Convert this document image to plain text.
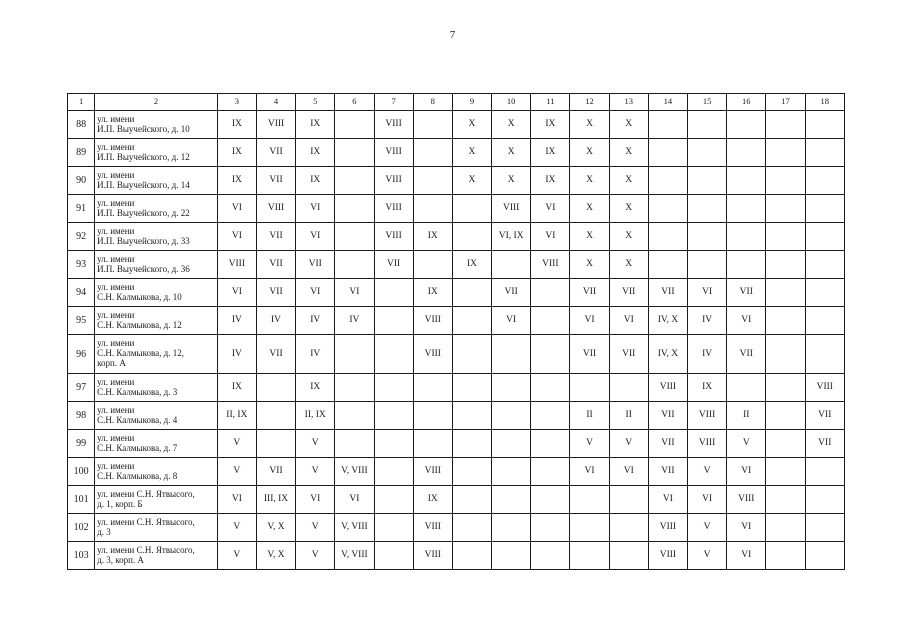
7
1	2	3	4	5	6	7	8	9	10	11	12	13	14	15	16	17	18
88	ул. имени
И.П. Выучейского, д. 10	IX	VIII	IX		VIII		X	X	IX	X	X					
89	ул. имени
И.П. Выучейского, д. 12	IX	VII	IX		VIII		X	X	IX	X	X					
90	ул. имени
И.П. Выучейского, д. 14	IX	VII	IX		VIII		X	X	IX	X	X					
91	ул. имени
И.П. Выучейского, д. 22	VI	VIII	VI		VIII			VIII	VI	X	X					
92	ул. имени
И.П. Выучейского, д. 33	VI	VII	VI		VIII	IX		VI, IX	VI	X	X					
93	ул. имени
И.П. Выучейского, д. 36	VIII	VII	VII		VII		IX		VIII	X	X					
94	ул. имени
С.Н. Калмыкова, д. 10	VI	VII	VI	VI		IX		VII		VII	VII	VII	VI	VII		
95	ул. имени
С.Н. Калмыкова, д. 12	IV	IV	IV	IV		VIII		VI		VI	VI	IV, X	IV	VI		
96	ул. имени
С.Н. Калмыкова, д. 12,
корп. А	IV	VII	IV			VIII				VII	VII	IV, X	IV	VII		
97	ул. имени
С.Н. Калмыкова, д. 3	IX		IX									VIII	IX			VIII
98	ул. имени
С.Н. Калмыкова, д. 4	II, IX		II, IX							II	II	VII	VIII	II		VII
99	ул. имени
С.Н. Калмыкова, д. 7	V		V							V	V	VII	VIII	V		VII
100	ул. имени
С.Н. Калмыкова, д. 8	V	VII	V	V, VIII		VIII				VI	VI	VII	V	VI		
101	ул. имени С.Н. Ятвысого,
д. 1, корп. Б	VI	III, IX	VI	VI		IX						VI	VI	VIII		
102	ул. имени С.Н. Ятвысого,
д. 3	V	V, X	V	V, VIII		VIII						VIII	V	VI		
103	ул. имени С.Н. Ятвысого,
д. 3, корп. А	V	V, X	V	V, VIII		VIII						VIII	V	VI		
